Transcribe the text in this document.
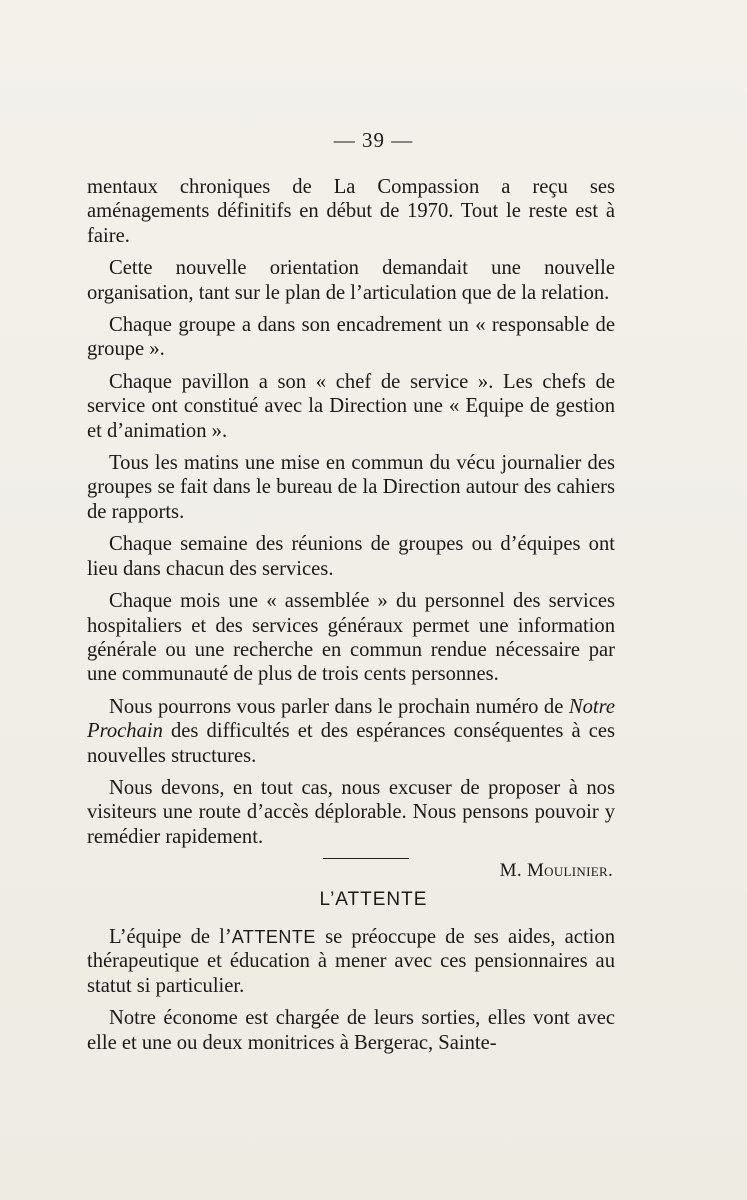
— 39 —

mentaux chroniques de La Compassion a reçu ses aménagements définitifs en début de 1970. Tout le reste est à faire.

Cette nouvelle orientation demandait une nouvelle organisation, tant sur le plan de l’articulation que de la relation.

Chaque groupe a dans son encadrement un « responsable de groupe ».

Chaque pavillon a son « chef de service ». Les chefs de service ont constitué avec la Direction une « Equipe de gestion et d’animation ».

Tous les matins une mise en commun du vécu journalier des groupes se fait dans le bureau de la Direction autour des cahiers de rapports.

Chaque semaine des réunions de groupes ou d’équipes ont lieu dans chacun des services.

Chaque mois une « assemblée » du personnel des services hospitaliers et des services généraux permet une information générale ou une recherche en commun rendue nécessaire par une communauté de plus de trois cents personnes.

Nous pourrons vous parler dans le prochain numéro de Notre Prochain des difficultés et des espérances conséquentes à ces nouvelles structures.

Nous devons, en tout cas, nous excuser de proposer à nos visiteurs une route d’accès déplorable. Nous pensons pouvoir y remédier rapidement.

M. Moulinier.

L’ATTENTE

L’équipe de l’ATTENTE se préoccupe de ses aides, action thérapeutique et éducation à mener avec ces pensionnaires au statut si particulier.

Notre économe est chargée de leurs sorties, elles vont avec elle et une ou deux monitrices à Bergerac, Sainte-
